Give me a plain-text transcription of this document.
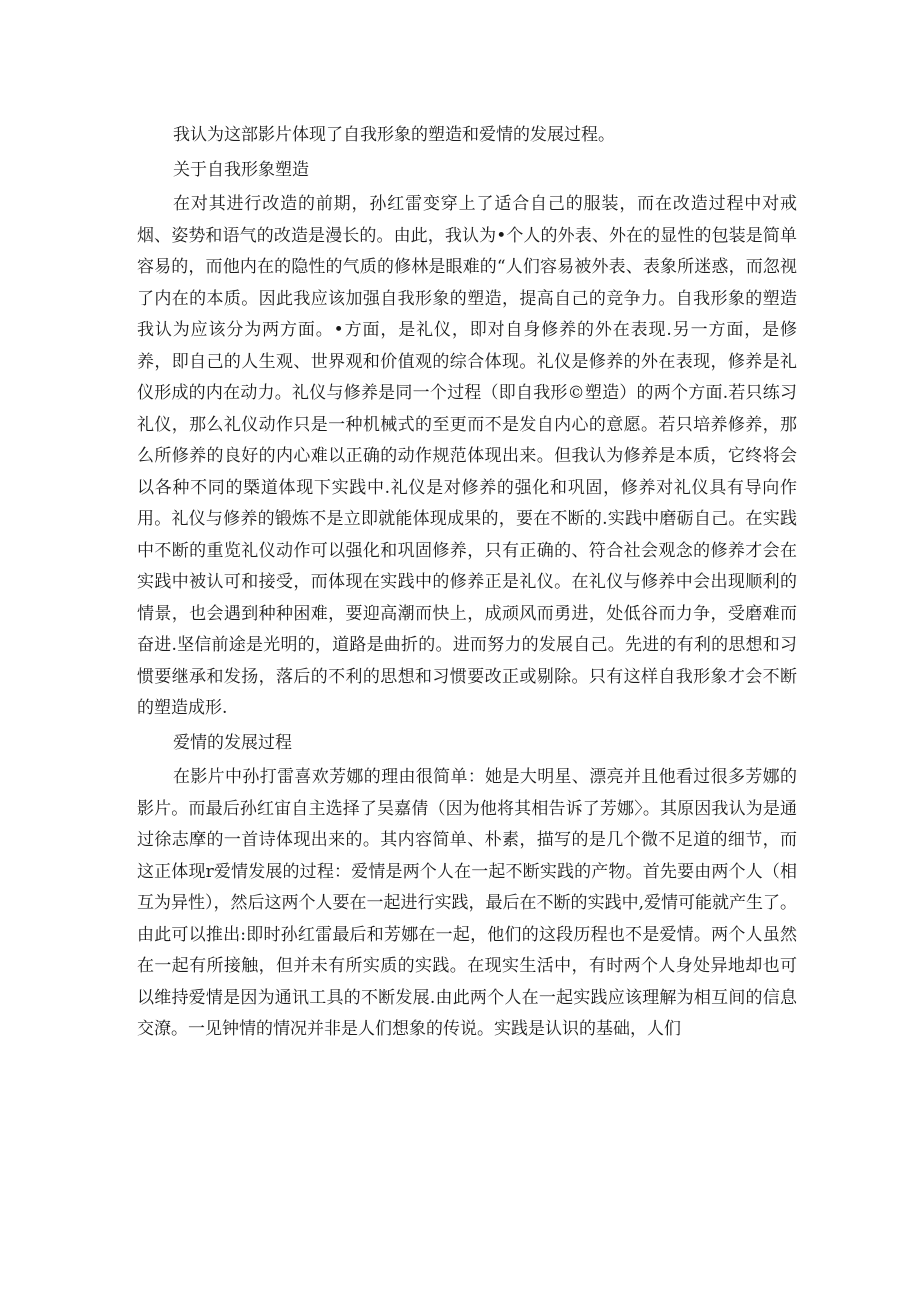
我认为这部影片体现了自我形象的塑造和爱情的发展过程。

关于自我形象塑造

在对其进行改造的前期，孙红雷变穿上了适合自己的服装，而在改造过程中对戒烟、姿势和语气的改造是漫长的。由此，我认为•个人的外表、外在的显性的包装是简单容易的，而他内在的隐性的气质的修林是眼难的“人们容易被外表、表象所迷惑，而忽视了内在的本质。因此我应该加强自我形象的塑造，提高自己的竞争力。自我形象的塑造我认为应该分为两方面。•方面，是礼仪，即对自身修养的外在表现.另一方面，是修养，即自己的人生观、世界观和价值观的综合体现。礼仪是修养的外在表现，修养是礼仪形成的内在动力。礼仪与修养是同一个过程（即自我形©塑造）的两个方面.若只练习礼仪，那么礼仪动作只是一种机械式的至更而不是发自内心的意愿。若只培养修养，那么所修养的良好的内心难以正确的动作规范体现出来。但我认为修养是本质，它终将会以各种不同的槩道体现下实践中.礼仪是对修养的强化和巩固，修养对礼仪具有导向作用。礼仪与修养的锻炼不是立即就能体现成果的，要在不断的.实践中磨砺自己。在实践中不断的重览礼仪动作可以强化和巩固修养，只有正确的、符合社会观念的修养才会在实践中被认可和接受，而体现在实践中的修养正是礼仪。在礼仪与修养中会出现顺利的情景，也会遇到种种困难，要迎高潮而快上，成顽风而勇进，处低谷而力争，受磨难而奋进.坚信前途是光明的，道路是曲折的。进而努力的发展自己。先进的有利的思想和习惯要继承和发扬，落后的不利的思想和习惯要改正或剔除。只有这样自我形象才会不断的塑造成形.

爱情的发展过程

在影片中孙打雷喜欢芳娜的理由很简单：她是大明星、漂亮并且他看过很多芳娜的影片。而最后孙红宙自主选择了吴嘉倩（因为他将其相告诉了芳娜〉。其原因我认为是通过徐志摩的一首诗体现出来的。其内容简单、朴素，描写的是几个微不足道的细节，而这正体现r爱情发展的过程：爱情是两个人在一起不断实践的产物。首先要由两个人（相互为异性），然后这两个人要在一起进行实践，最后在不断的实践中,爱情可能就产生了。由此可以推出:即时孙红雷最后和芳娜在一起，他们的这段历程也不是爱情。两个人虽然在一起有所接触，但并未有所实质的实践。在现实生活中，有时两个人身处异地却也可以维持爱情是因为通讯工具的不断发展.由此两个人在一起实践应该理解为相互间的信息交潦。一见钟情的情况并非是人们想象的传说。实践是认识的基础，人们
